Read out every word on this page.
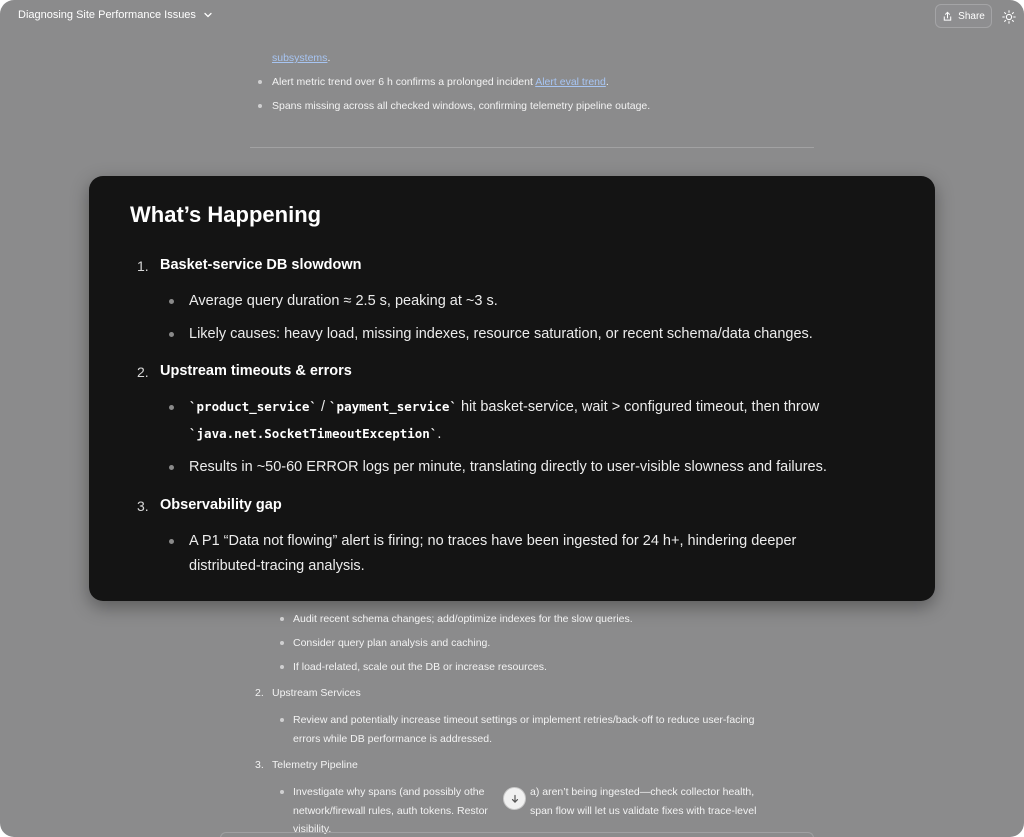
Diagnosing Site Performance Issues	Share
subsystems.
Alert metric trend over 6 h confirms a prolonged incident Alert eval trend.
Spans missing across all checked windows, confirming telemetry pipeline outage.
What’s Happening
1. Basket-service DB slowdown
Average query duration ≈ 2.5 s, peaking at ~3 s.
Likely causes: heavy load, missing indexes, resource saturation, or recent schema/data changes.
2. Upstream timeouts & errors
`product_service` / `payment_service` hit basket-service, wait > configured timeout, then throw
`java.net.SocketTimeoutException`.
Results in ~50-60 ERROR logs per minute, translating directly to user-visible slowness and failures.
3. Observability gap
A P1 “Data not flowing” alert is firing; no traces have been ingested for 24 h+, hindering deeper
distributed-tracing analysis.
Audit recent schema changes; add/optimize indexes for the slow queries.
Consider query plan analysis and caching.
If load-related, scale out the DB or increase resources.
2. Upstream Services
Review and potentially increase timeout settings or implement retries/back-off to reduce user-facing
errors while DB performance is addressed.
3. Telemetry Pipeline
Investigate why spans (and possibly othe	a) aren’t being ingested—check collector health,
network/firewall rules, auth tokens. Restor	span flow will let us validate fixes with trace-level
visibility.
